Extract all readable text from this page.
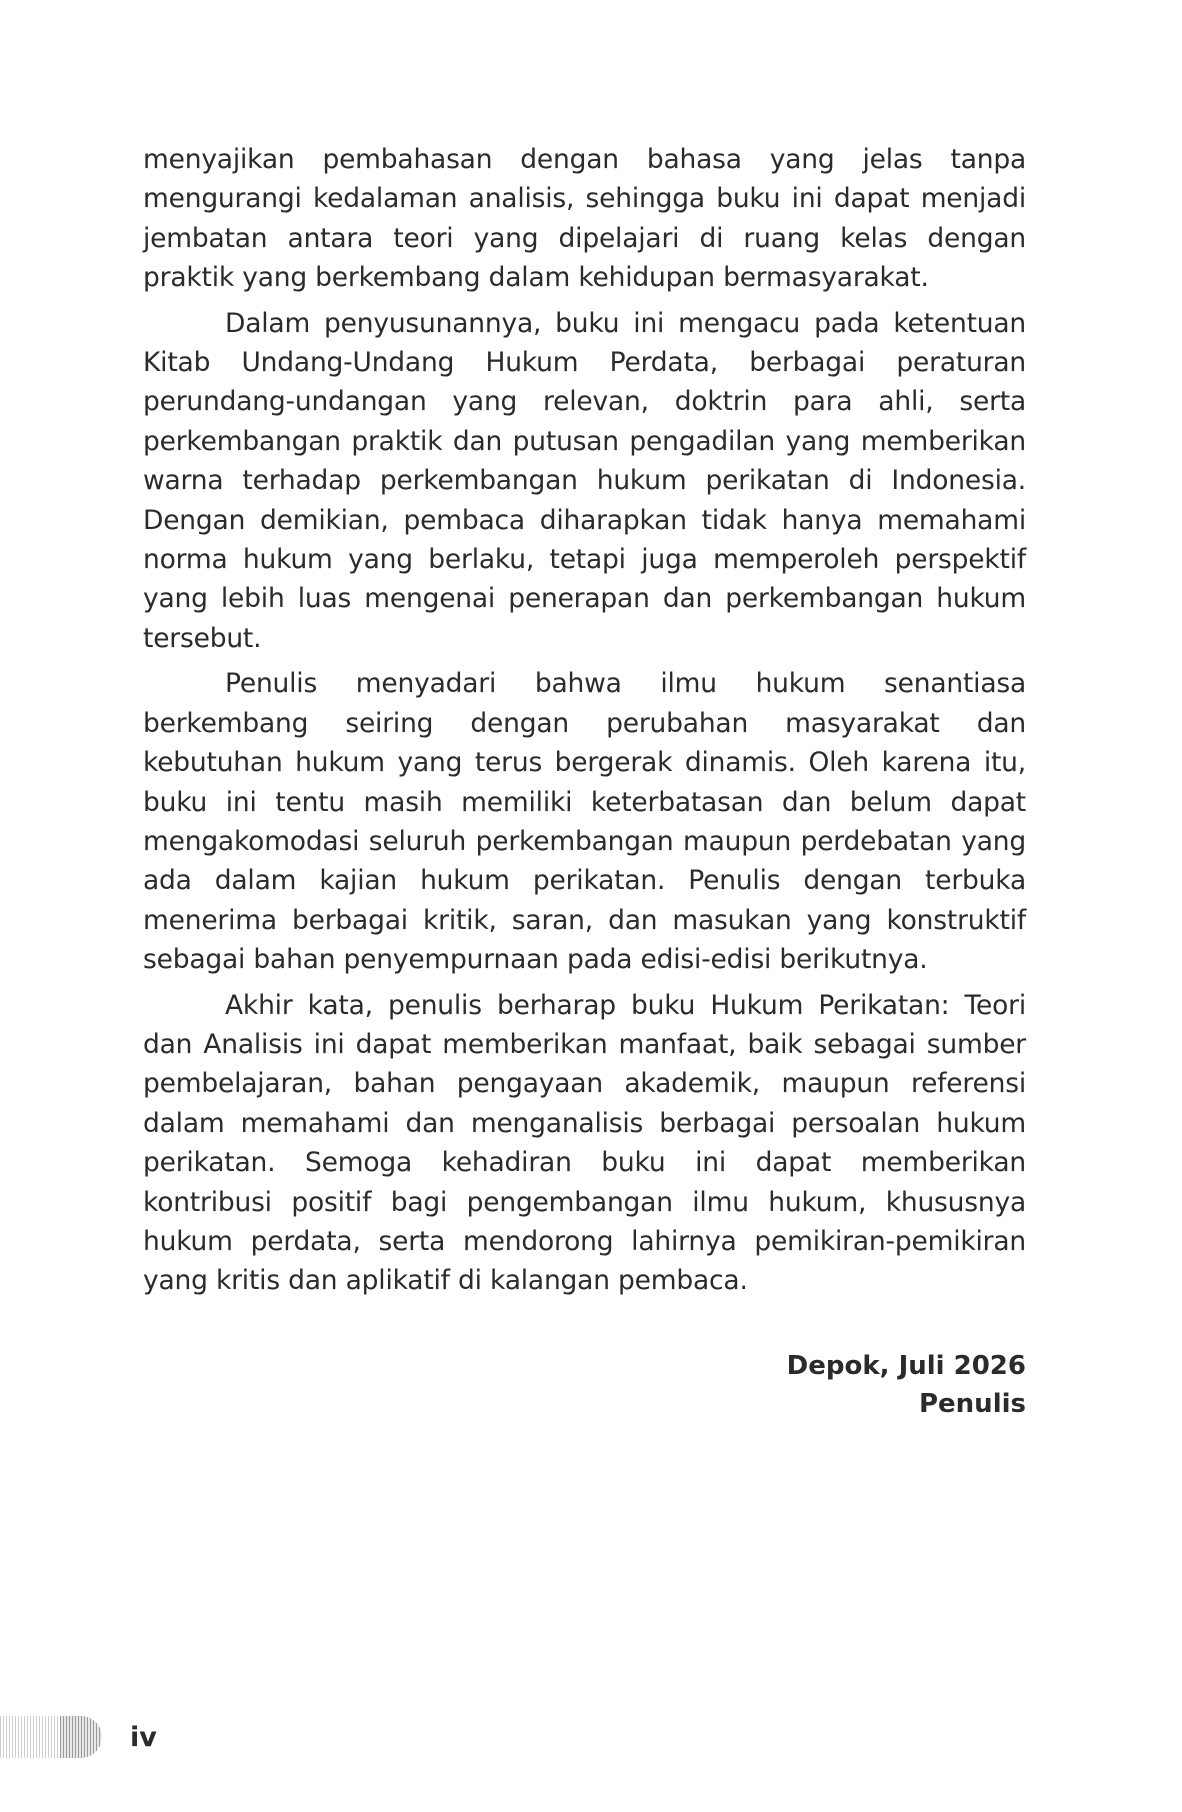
menyajikan pembahasan dengan bahasa yang jelas tanpa mengurangi kedalaman analisis, sehingga buku ini dapat menjadi jembatan antara teori yang dipelajari di ruang kelas dengan praktik yang berkembang dalam kehidupan bermasyarakat.

Dalam penyusunannya, buku ini mengacu pada ketentuan Kitab Undang-Undang Hukum Perdata, berbagai peraturan perundang-undangan yang relevan, doktrin para ahli, serta perkembangan praktik dan putusan pengadilan yang memberikan warna terhadap perkembangan hukum perikatan di Indonesia. Dengan demikian, pembaca diharapkan tidak hanya memahami norma hukum yang berlaku, tetapi juga memperoleh perspektif yang lebih luas mengenai penerapan dan perkembangan hukum tersebut.

Penulis menyadari bahwa ilmu hukum senantiasa berkembang seiring dengan perubahan masyarakat dan kebutuhan hukum yang terus bergerak dinamis. Oleh karena itu, buku ini tentu masih memiliki keterbatasan dan belum dapat mengakomodasi seluruh perkembangan maupun perdebatan yang ada dalam kajian hukum perikatan. Penulis dengan terbuka menerima berbagai kritik, saran, dan masukan yang konstruktif sebagai bahan penyempurnaan pada edisi-edisi berikutnya.

Akhir kata, penulis berharap buku Hukum Perikatan: Teori dan Analisis ini dapat memberikan manfaat, baik sebagai sumber pembelajaran, bahan pengayaan akademik, maupun referensi dalam memahami dan menganalisis berbagai persoalan hukum perikatan. Semoga kehadiran buku ini dapat memberikan kontribusi positif bagi pengembangan ilmu hukum, khususnya hukum perdata, serta mendorong lahirnya pemikiran-pemikiran yang kritis dan aplikatif di kalangan pembaca.

Depok, Juli 2026
Penulis
iv
